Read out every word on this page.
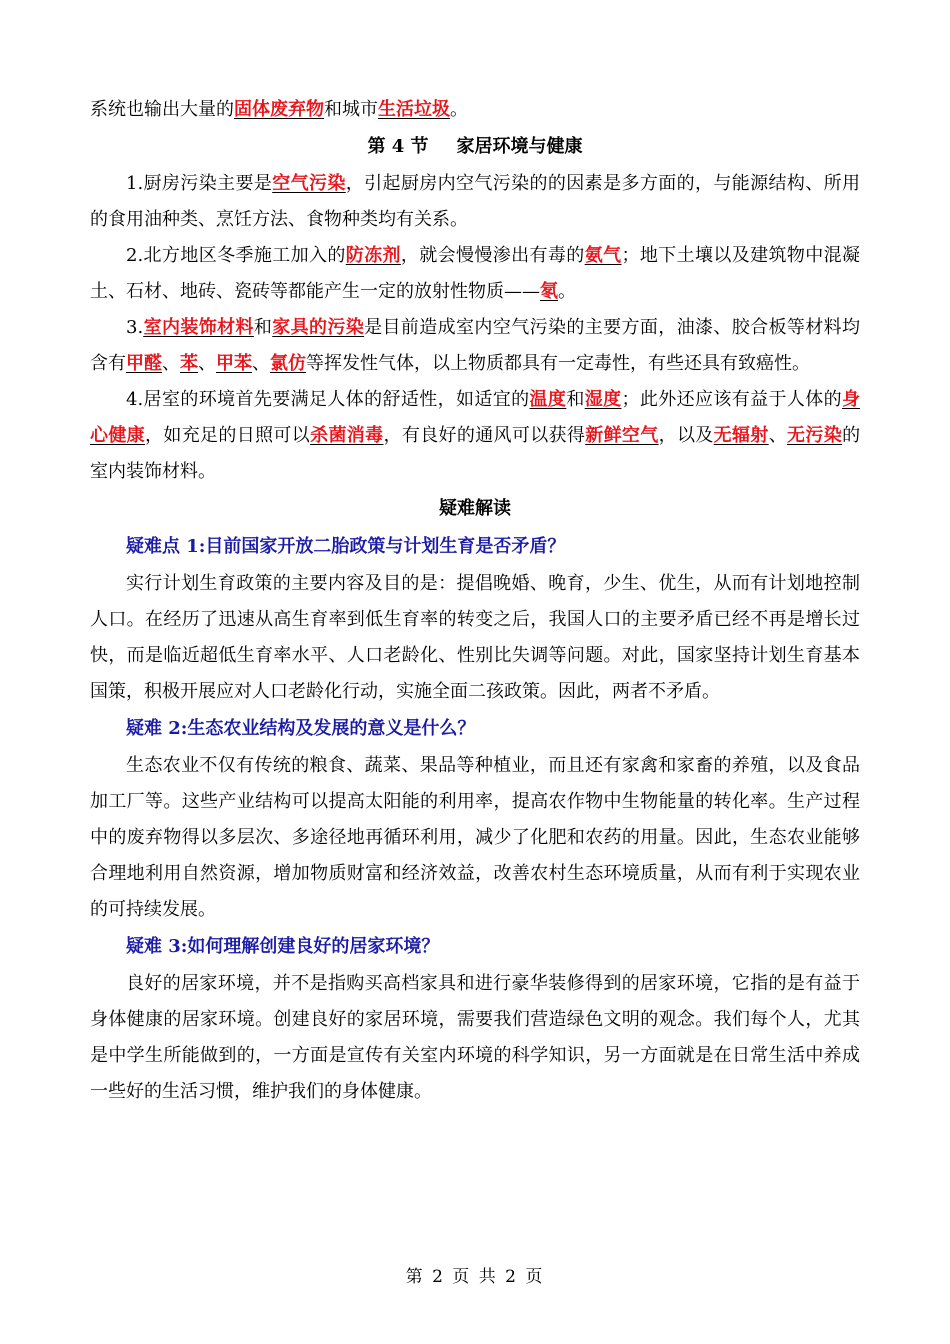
系统也输出大量的固体废弃物和城市生活垃圾。

第 4 节 家居环境与健康

1.厨房污染主要是空气污染，引起厨房内空气污染的的因素是多方面的，与能源结构、所用的食用油种类、烹饪方法、食物种类均有关系。

2.北方地区冬季施工加入的防冻剂，就会慢慢渗出有毒的氨气；地下土壤以及建筑物中混凝土、石材、地砖、瓷砖等都能产生一定的放射性物质——氡。

3.室内装饰材料和家具的污染是目前造成室内空气污染的主要方面，油漆、胶合板等材料均含有甲醛、苯、甲苯、氯仿等挥发性气体，以上物质都具有一定毒性，有些还具有致癌性。

4.居室的环境首先要满足人体的舒适性，如适宜的温度和湿度；此外还应该有益于人体的身心健康，如充足的日照可以杀菌消毒，有良好的通风可以获得新鲜空气，以及无辐射、无污染的室内装饰材料。

疑难解读

疑难点 1:目前国家开放二胎政策与计划生育是否矛盾？

实行计划生育政策的主要内容及目的是：提倡晚婚、晚育，少生、优生，从而有计划地控制人口。在经历了迅速从高生育率到低生育率的转变之后，我国人口的主要矛盾已经不再是增长过快，而是临近超低生育率水平、人口老龄化、性别比失调等问题。对此，国家坚持计划生育基本国策，积极开展应对人口老龄化行动，实施全面二孩政策。因此，两者不矛盾。

疑难 2:生态农业结构及发展的意义是什么？

生态农业不仅有传统的粮食、蔬菜、果品等种植业，而且还有家禽和家畜的养殖，以及食品加工厂等。这些产业结构可以提高太阳能的利用率，提高农作物中生物能量的转化率。生产过程中的废弃物得以多层次、多途径地再循环利用，减少了化肥和农药的用量。因此，生态农业能够合理地利用自然资源，增加物质财富和经济效益，改善农村生态环境质量，从而有利于实现农业的可持续发展。

疑难 3:如何理解创建良好的居家环境？

良好的居家环境，并不是指购买高档家具和进行豪华装修得到的居家环境，它指的是有益于身体健康的居家环境。创建良好的家居环境，需要我们营造绿色文明的观念。我们每个人，尤其是中学生所能做到的，一方面是宣传有关室内环境的科学知识，另一方面就是在日常生活中养成一些好的生活习惯，维护我们的身体健康。

第 2 页 共 2 页
